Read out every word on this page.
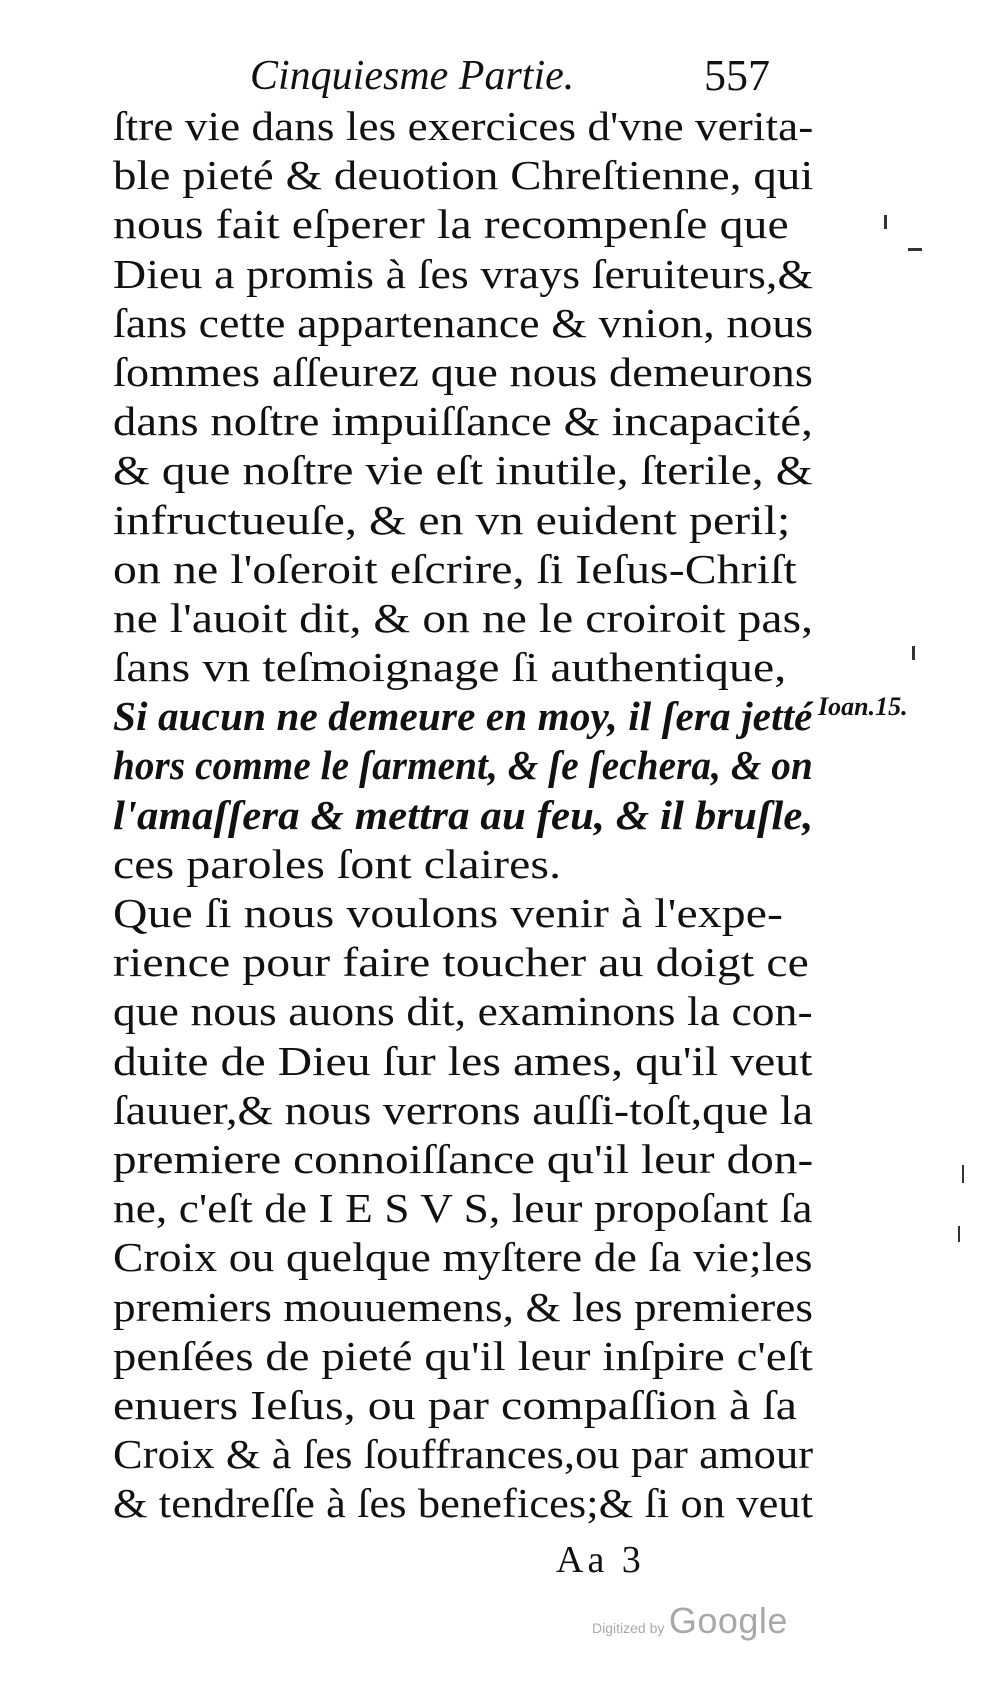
Cinquiesme Partie.	557
ſtre vie dans les exercices d'vne verita-
ble pieté & deuotion Chreſtienne, qui
nous fait eſperer la recompenſe que
Dieu a promis à ſes vrays ſeruiteurs,&
ſans cette appartenance & vnion, nous
ſommes aſſeurez que nous demeurons
dans noſtre impuiſſance & incapacité,
& que noſtre vie eſt inutile, ſterile, &
infructueuſe, & en vn euident peril;
on ne l'oſeroit eſcrire, ſi Ieſus-Chriſt
ne l'auoit dit, & on ne le croiroit pas,
ſans vn teſmoignage ſi authentique,
Si aucun ne demeure en moy, il ſera jetté
hors comme le ſarment, & ſe ſechera, & on
l'amaſſera & mettra au feu, & il bruſle,
ces paroles ſont claires.
Que ſi nous voulons venir à l'expe-
rience pour faire toucher au doigt ce
que nous auons dit, examinons la con-
duite de Dieu ſur les ames, qu'il veut
ſauuer,& nous verrons auſſi-toſt,que la
premiere connoiſſance qu'il leur don-
ne, c'eſt de I E S V S, leur propoſant ſa
Croix ou quelque myſtere de ſa vie;les
premiers mouuemens, & les premieres
penſées de pieté qu'il leur inſpire c'eſt
enuers Ieſus, ou par compaſſion à ſa
Croix & à ſes ſouffrances,ou par amour
& tendreſſe à ſes benefices;& ſi on veut
Ioan.15.
Aa 3
Digitized by Google
